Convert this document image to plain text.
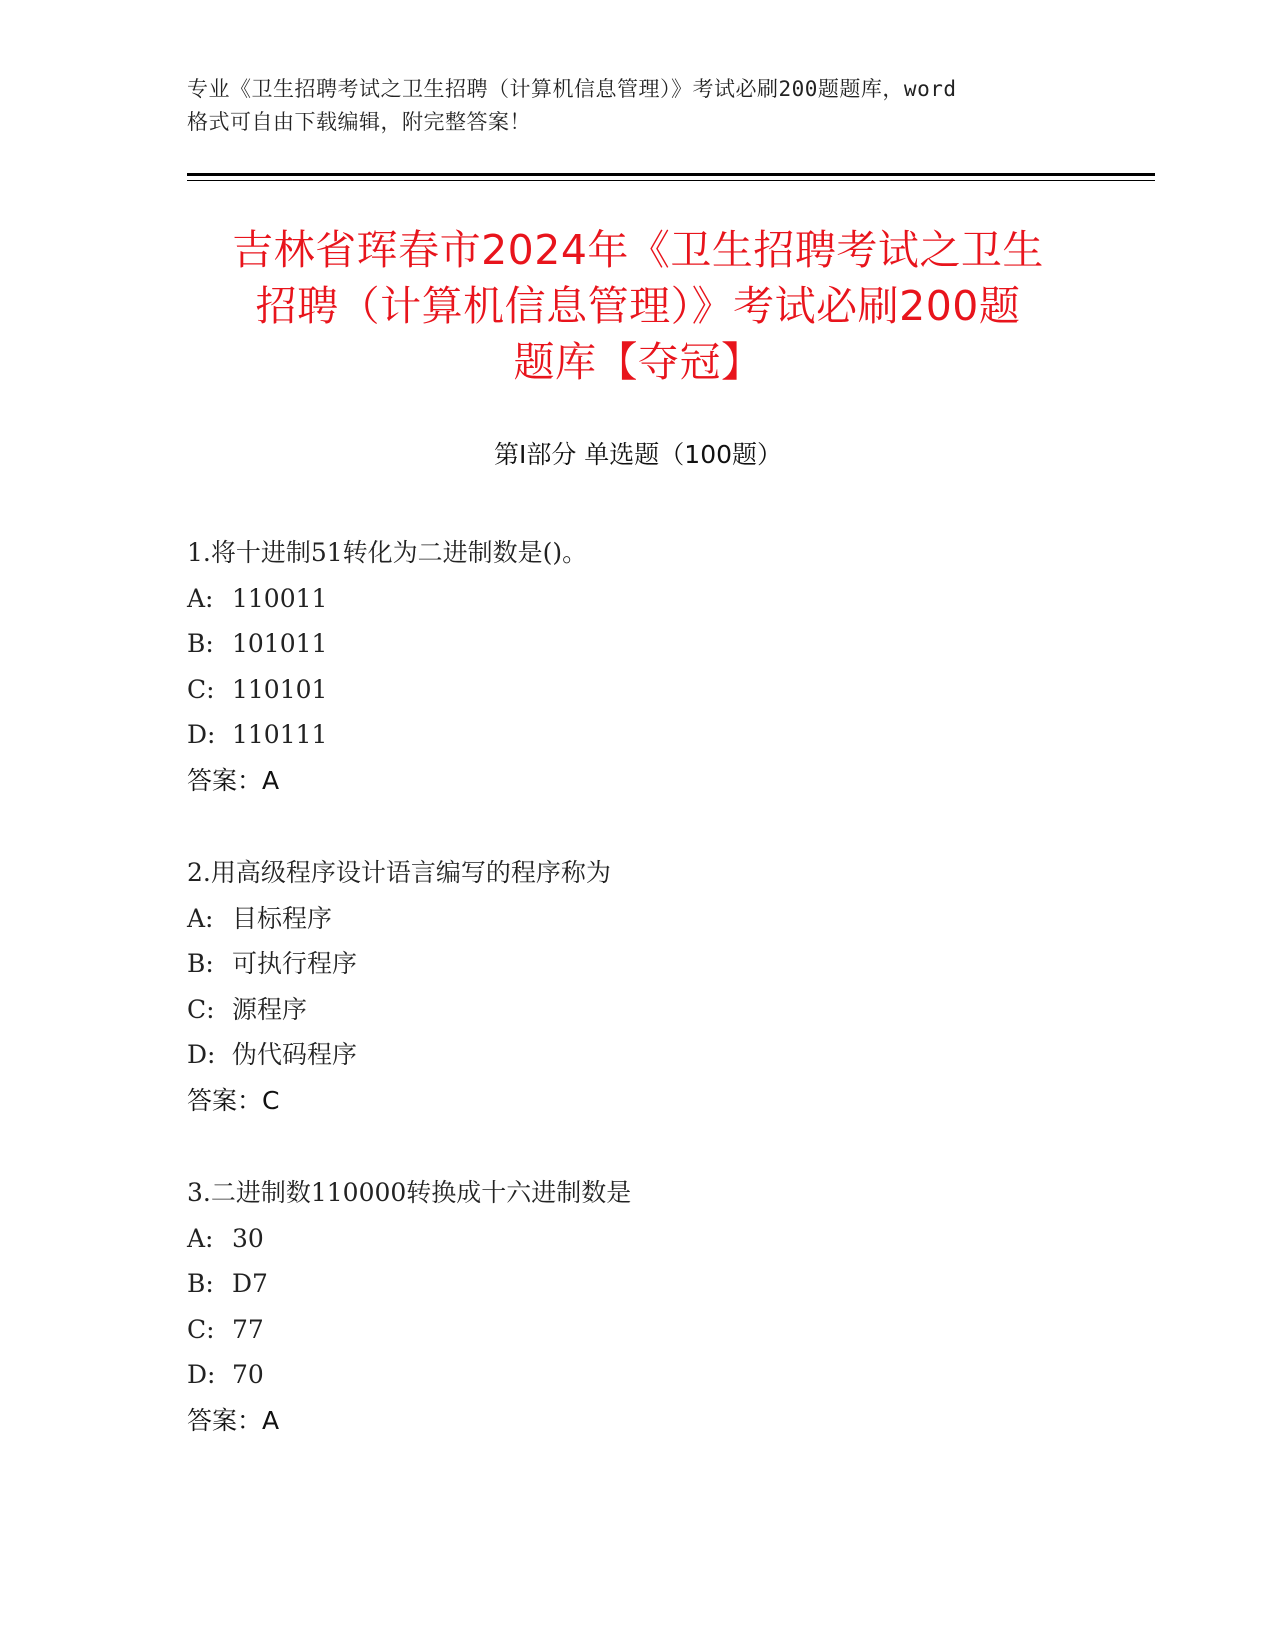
专业《卫生招聘考试之卫生招聘（计算机信息管理）》考试必刷200题题库，word
格式可自由下载编辑，附完整答案！
吉林省珲春市2024年《卫生招聘考试之卫生
招聘（计算机信息管理）》考试必刷200题
题库【夺冠】
第Ⅰ部分 单选题（100题）
1.将十进制51转化为二进制数是()。
A: 110011
B: 101011
C: 110101
D: 110111
答案：A
2.用高级程序设计语言编写的程序称为
A: 目标程序
B: 可执行程序
C: 源程序
D: 伪代码程序
答案：C
3.二进制数110000转换成十六进制数是
A: 30
B: D7
C: 77
D: 70
答案：A
